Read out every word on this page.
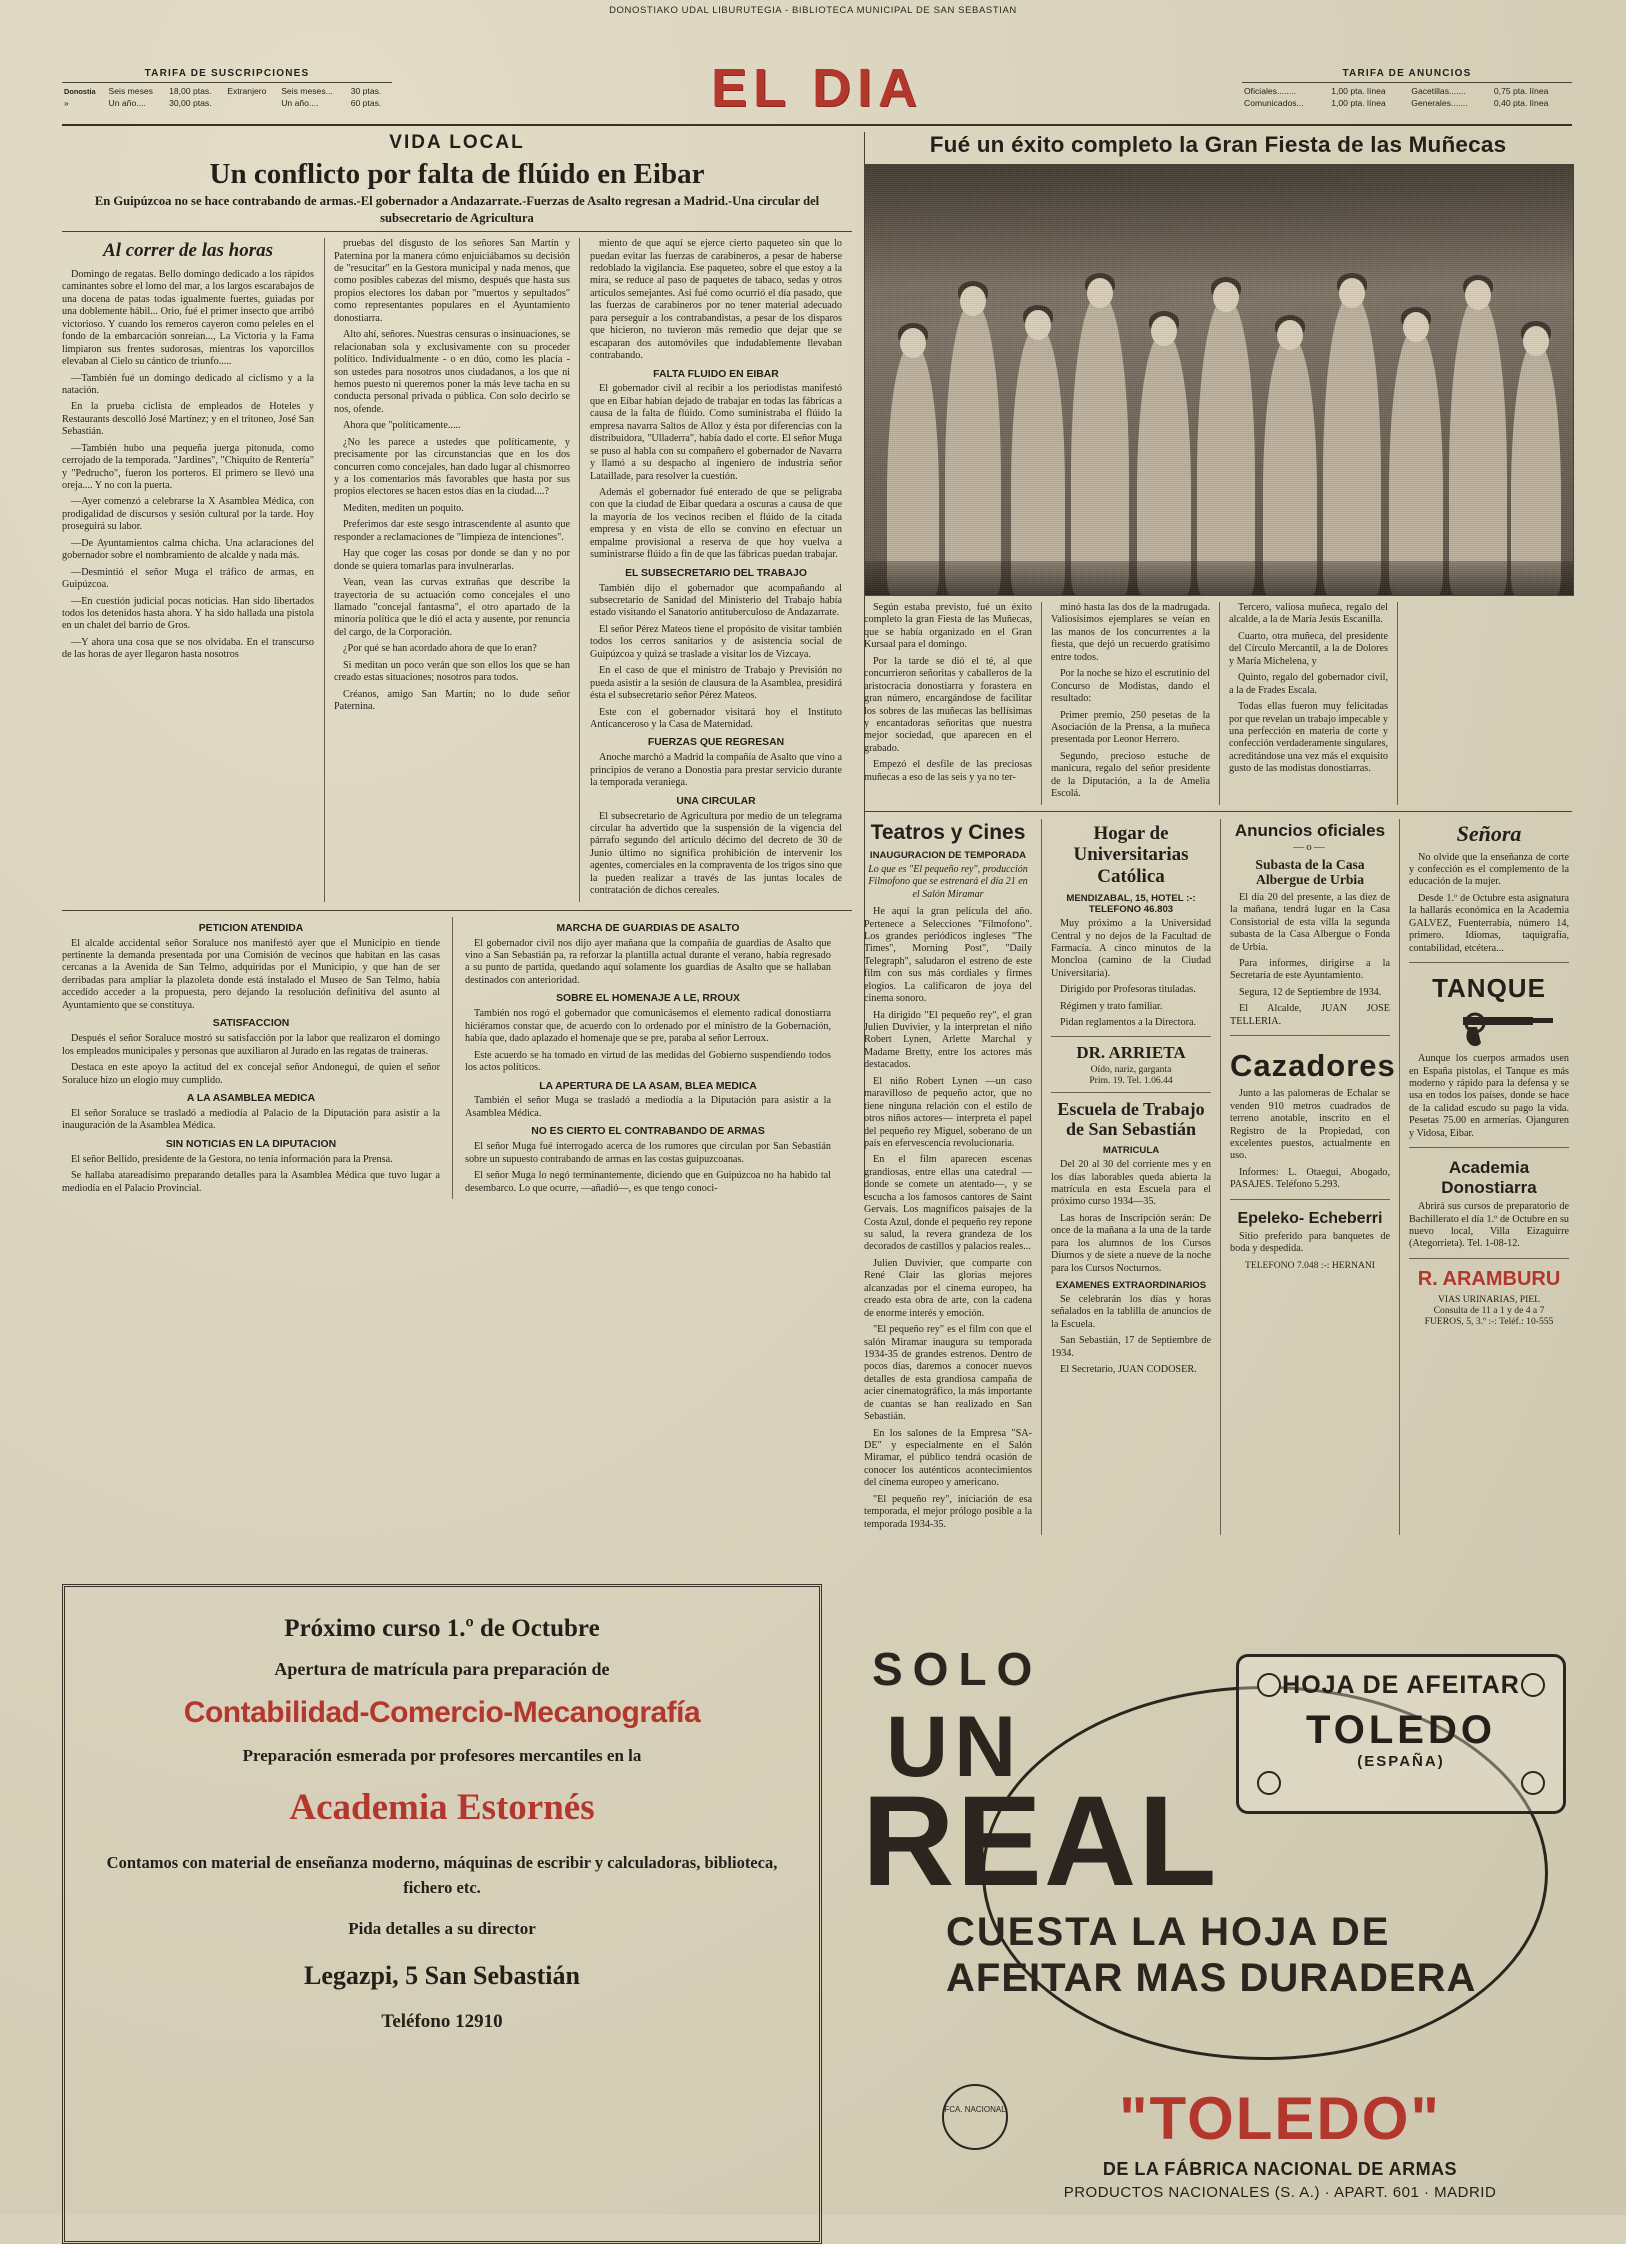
DONOSTIAKO UDAL LIBURUTEGIA - BIBLIOTECA MUNICIPAL DE SAN SEBASTIAN
TARIFA DE SUSCRIPCIONES
Donostia	Seis meses	18,00 ptas.	Extranjero	Seis meses...	30 ptas.
»	Un año....	30,00 ptas.		Un año....	60 ptas.	EL DIA	TARIFA DE ANUNCIOS
Oficiales........	1,00 pta. línea	Gacetillas.......	0,75 pta. línea
Comunicados...	1,00 pta. línea	Generales.......	0,40 pta. línea
VIDA LOCAL
Un conflicto por falta de flúido en Eibar
En Guipúzcoa no se hace contrabando de armas.-El gobernador a Andazarrate.-Fuerzas de Asalto regresan a Madrid.-Una circular del subsecretario de Agricultura
Al correr de las horas

Domingo de regatas. Bello domingo dedicado a los rápidos caminantes sobre el lomo del mar, a los largos escarabajos de una docena de patas todas igualmente fuertes, guiadas por una doblemente hábil... Orio, fué el primer insecto que arribó victorioso. Y cuando los remeros cayeron como peleles en el fondo de la embarcación sonreían..., La Victoria y la Fama limpiaron sus frentes sudorosas, mientras los vaporcillos elevaban al Cielo su cántico de triunfo.....

—También fué un domingo dedicado al ciclismo y a la natación.

En la prueba ciclista de empleados de Hoteles y Restaurants descolló José Martínez; y en el tritoneo, José San Sebastián.

—También hubo una pequeña juerga pitonuda, como cerrojado de la temporada. "Jardines", "Chiquito de Rentería" y "Pedrucho", fueron los porteros. El primero se llevó una oreja.... Y no con la puerta.

—Ayer comenzó a celebrarse la X Asamblea Médica, con prodigalidad de discursos y sesión cultural por la tarde. Hoy proseguirá su labor.

—De Ayuntamientos calma chicha. Una aclaraciones del gobernador sobre el nombramiento de alcalde y nada más.

—Desmintió el señor Muga el tráfico de armas, en Guipúzcoa.

—En cuestión judicial pocas noticias. Han sido libertados todos los detenidos hasta ahora. Y ha sido hallada una pistola en un chalet del barrio de Gros.

—Y ahora una cosa que se nos olvidaba. En el transcurso de las horas de ayer llegaron hasta nosotros

pruebas del disgusto de los señores San Martín y Paternina por la manera cómo enjuiciábamos su decisión de "resucitar" en la Gestora municipal y nada menos, que como posibles cabezas del mismo, después que hasta sus propios electores los daban por "muertos y sepultados" como representantes populares en el Ayuntamiento donostiarra.

Alto ahí, señores. Nuestras censuras o insinuaciones, se relacionaban sola y exclusivamente con su proceder político. Individualmente - o en dúo, como les placía - son ustedes para nosotros unos ciudadanos, a los que ni hemos puesto ni queremos poner la más leve tacha en su conducta personal privada o pública. Con solo decirlo se nos, ofende.

Ahora que "políticamente.....

¿No les parece a ustedes que políticamente, y precisamente por las circunstancias que en los dos concurren como concejales, han dado lugar al chismorreo y a los comentarios más favorables que hasta por sus propios electores se hacen estos días en la ciudad....?

Mediten, mediten un poquito.

Preferimos dar este sesgo intrascendente al asunto que responder a reclamaciones de "limpieza de intenciones".

Hay que coger las cosas por donde se dan y no por donde se quiera tomarlas para invulnerarlas.

Vean, vean las curvas extrañas que describe la trayectoria de su actuación como concejales el uno llamado "concejal fantasma", el otro apartado de la minoría política que le dió el acta y ausente, por renuncia del cargo, de la Corporación.

¿Por qué se han acordado ahora de que lo eran?

Si meditan un poco verán que son ellos los que se han creado estas situaciones; nosotros para todos.

Créanos, amigo San Martín; no lo dude señor Paternina.

miento de que aquí se ejerce cierto paqueteo sin que lo puedan evitar las fuerzas de carabineros, a pesar de haberse redoblado la vigilancia. Ese paqueteo, sobre el que estoy a la mira, se reduce al paso de paquetes de tabaco, sedas y otros artículos semejantes. Así fué como ocurrió el día pasado, que las fuerzas de carabineros por no tener material adecuado para perseguir a los contrabandistas, a pesar de los disparos que hicieron, no tuvieron más remedio que dejar que se escaparan dos automóviles que indudablemente llevaban contrabando.

FALTA FLUIDO EN EIBAR

El gobernador civil al recibir a los periodistas manifestó que en Eibar habían dejado de trabajar en todas las fábricas a causa de la falta de flúido. Como suministraba el flúido la empresa navarra Saltos de Alloz y ésta por diferencias con la distribuidora, "Ulladerra", había dado el corte. El señor Muga se puso al habla con su compañero el gobernador de Navarra y llamó a su despacho al ingeniero de industria señor Lataillade, para resolver la cuestión.

Además el gobernador fué enterado de que se peligraba con que la ciudad de Eibar quedara a oscuras a causa de que la mayoría de los vecinos reciben el flúido de la citada empresa y en vista de ello se convino en efectuar un empalme provisional a reserva de que hoy vuelva a suministrarse flúido a fin de que las fábricas puedan trabajar.

EL SUBSECRETARIO DEL TRABAJO

También dijo el gobernador que acompañando al subsecretario de Sanidad del Ministerio del Trabajo había estado visitando el Sanatorio antituberculoso de Andazarrate.

El señor Pérez Mateos tiene el propósito de visitar también todos los cerros sanitarios y de asistencia social de Guipúzcoa y quizá se traslade a visitar los de Vizcaya.

En el caso de que el ministro de Trabajo y Previsión no pueda asistir a la sesión de clausura de la Asamblea, presidirá ésta el subsecretario señor Pérez Mateos.

Este con el gobernador visitará hoy el Instituto Anticanceroso y la Casa de Maternidad.

FUERZAS QUE REGRESAN

Anoche marchó a Madrid la compañía de Asalto que vino a principios de verano a Donostia para prestar servicio durante la temporada veraniega.

UNA CIRCULAR

El subsecretario de Agricultura por medio de un telegrama circular ha advertido que la suspensión de la vigencia del párrafo segundo del artículo décimo del decreto de 30 de Junio último no significa prohibición de intervenir los agentes, comerciales en la compraventa de los trigos sino que la pueden realizar a través de las juntas locales de contratación de dichos cereales.

PETICION ATENDIDA

El alcalde accidental señor Soraluce nos manifestó ayer que el Municipio en tiende pertinente la demanda presentada por una Comisión de vecinos que habitan en las casas cercanas a la Avenida de San Telmo, adquiridas por el Municipio, y que han de ser derribadas para ampliar la plazoleta donde está instalado el Museo de San Telmo, había accedido acceder a la propuesta, pero dejando la resolución definitiva del asunto al Ayuntamiento que se constituya.

SATISFACCION

Después el señor Soraluce mostró su satisfacción por la labor que realizaron el domingo los empleados municipales y personas que auxiliaron al Jurado en las regatas de traineras.

Destaca en este apoyo la actitud del ex concejal señor Andonegui, de quien el señor Soraluce hizo un elogio muy cumplido.

A LA ASAMBLEA MEDICA

El señor Soraluce se trasladó a mediodía al Palacio de la Diputación para asistir a la inauguración de la Asamblea Médica.

SIN NOTICIAS EN LA DIPUTACION

El señor Bellido, presidente de la Gestora, no tenía información para la Prensa.

Se hallaba atareadísimo preparando detalles para la Asamblea Médica que tuvo lugar a mediodía en el Palacio Provincial.

MARCHA DE GUARDIAS DE ASALTO

El gobernador civil nos dijo ayer mañana que la compañía de guardias de Asalto que vino a San Sebastián pa, ra reforzar la plantilla actual durante el verano, había regresado a su punto de partida, quedando aquí solamente los guardias de Asalto que se hallaban destinados con anterioridad.

SOBRE EL HOMENAJE A LE, RROUX

También nos rogó el gobernador que comunicásemos el elemento radical donostiarra hiciéramos constar que, de acuerdo con lo ordenado por el ministro de la Gobernación, había que, dado aplazado el homenaje que se pre, paraba al señor Lerroux.

Este acuerdo se ha tomado en virtud de las medidas del Gobierno suspendiendo todos los actos políticos.

LA APERTURA DE LA ASAM, BLEA MEDICA

También el señor Muga se trasladó a mediodía a la Diputación para asistir a la Asamblea Médica.

NO ES CIERTO EL CONTRABANDO DE ARMAS

El señor Muga fué interrogado acerca de los rumores que circulan por San Sebastián sobre un supuesto contrabando de armas en las costas guipuzcoanas.

El señor Muga lo negó terminantemente, diciendo que en Guipúzcoa no ha habido tal desembarco. Lo que ocurre, —añadió—, es que tengo conoci-

Fué un éxito completo la Gran Fiesta de las Muñecas

Según estaba previsto, fué un éxito completo la gran Fiesta de las Muñecas, que se había organizado en el Gran Kursaal para el domingo.

Por la tarde se dió el té, al que concurrieron señoritas y caballeros de la aristocracia donostiarra y forastera en gran número, encargándose de facilitar los sobres de las muñecas las bellísimas y encantadoras señoritas que nuestra mejor sociedad, que aparecen en el grabado.

Empezó el desfile de las preciosas muñecas a eso de las seis y ya no ter-

minó hasta las dos de la madrugada. Valiosísimos ejemplares se veían en las manos de los concurrentes a la fiesta, que dejó un recuerdo gratísimo entre todos.

Por la noche se hizo el escrutinio del Concurso de Modistas, dando el resultado:

Primer premio, 250 pesetas de la Asociación de la Prensa, a la muñeca presentada por Leonor Herrero.

Segundo, precioso estuche de manicura, regalo del señor presidente de la Diputación, a la de Amelia Escolá.

Tercero, valiosa muñeca, regalo del alcalde, a la de María Jesús Escanilla.

Cuarto, otra muñeca, del presidente del Círculo Mercantil, a la de Dolores y María Michelena, y

Quinto, regalo del gobernador civil, a la de Frades Escala.

Todas ellas fueron muy felicitadas por que revelan un trabajo impecable y una perfección en materia de corte y confección verdaderamente singulares, acreditándose una vez más el exquisito gusto de las modistas donostiarras.

Teatros y Cines
INAUGURACION DE TEMPORADA
Lo que es "El pequeño rey", producción Filmofono que se estrenará el día 21 en el Salón Miramar

He aquí la gran película del año. Pertenece a Selecciones "Filmofono". Los grandes periódicos ingleses "The Times", Morning Post", "Daily Telegraph", saludaron el estreno de este film con sus más cordiales y firmes elogios. La calificaron de joya del cinema sonoro.

Ha dirigido "El pequeño rey", el gran Julien Duvivier, y la interpretan el niño Robert Lynen, Arlette Marchal y Madame Bretty, entre los actores más destacados.

El niño Robert Lynen —un caso maravilloso de pequeño actor, que no tiene ninguna relación con el estilo de otros niños actores— interpreta el papel del pequeño rey Miguel, soberano de un país en efervescencia revolucionaria.

En el film aparecen escenas grandiosas, entre ellas una catedral —donde se comete un atentado—, y se escucha a los famosos cantores de Saint Gervais. Los magníficos paisajes de la Costa Azul, donde el pequeño rey repone su salud, la revera grandeza de los decorados de castillos y palacios reales...

Julien Duvivier, que comparte con René Clair las glorias mejores alcanzadas por el cinema europeo, ha creado esta obra de arte, con la cadena de enorme interés y emoción.

"El pequeño rey" es el film con que el salón Miramar inaugura su temporada 1934-35 de grandes estrenos. Dentro de pocos días, daremos a conocer nuevos detalles de esta grandiosa campaña de acier cinematográfico, la más importante de cuantas se han realizado en San Sebastián.

En los salones de la Empresa "SA-DE" y especialmente en el Salón Miramar, el público tendrá ocasión de conocer los auténticos acontecimientos del cinema europeo y americano.

"El pequeño rey", iniciación de esa temporada, el mejor prólogo posible a la temporada 1934-35.

Hogar de Universitarias Católica
MENDIZABAL, 15, HOTEL :-: TELEFONO 46.803

Muy próximo a la Universidad Central y no dejos de la Facultad de Farmacía. A cinco minutos de la Moncloa (camino de la Ciudad Universitaria).

Dirigido por Profesoras tituladas.

Régimen y trato familiar.

Pidan reglamentos a la Directora.

DR. ARRIETA
Oído, nariz, garganta
Prim. 19. Tel. 1.06.44
Escuela de Trabajo de San Sebastián
MATRICULA

Del 20 al 30 del corriente mes y en los días laborables queda abierta la matrícula en esta Escuela para el próximo curso 1934—35.

Las horas de Inscripción serán: De once de la mañana a la una de la tarde para los alumnos de los Cursos Diurnos y de siete a nueve de la noche para los Cursos Nocturnos.

EXAMENES EXTRAORDINARIOS

Se celebrarán los días y horas señalados en la tablilla de anuncios de la Escuela.

San Sebastián, 17 de Septiembre de 1934.

El Secretario, JUAN CODOSER.

Anuncios oficiales
—o—
Subasta de la Casa Albergue de Urbia

El día 20 del presente, a las diez de la mañana, tendrá lugar en la Casa Consistorial de esta villa la segunda subasta de la Casa Albergue o Fonda de Urbia.

Para informes, dirigirse a la Secretaría de este Ayuntamiento.

Segura, 12 de Septiembre de 1934.

El Alcalde, JUAN JOSE TELLERIA.

Cazadores

Junto a las palomeras de Echalar se venden 910 metros cuadrados de terreno anotable, inscrito en el Registro de la Propiedad, con excelentes puestos, actualmente en uso.

Informes: L. Otaegui, Abogado, PASAJES. Teléfono 5.293.

Epeleko- Echeberri

Sitio preferido para banquetes de boda y despedida.

TELEFONO 7.048 :-: HERNANI
Señora

No olvide que la enseñanza de corte y confección es el complemento de la educación de la mujer.

Desde 1.º de Octubre esta asignatura la hallarás económica en la Academia GALVEZ, Fuenterrabía, número 14, primero. Idiomas, taquigrafía, contabilidad, etcétera...

TANQUE

Aunque los cuerpos armados usen en España pistolas, el Tanque es más moderno y rápido para la defensa y se usa en todos los países, donde se hace de la calidad escudo su pago la vida. Pesetas 75.00 en armerías. Ojanguren y Vidosa, Eibar.

Academia Donostiarra

Abrirá sus cursos de preparatorio de Bachillerato el día 1.º de Octubre en su nuevo local, Villa Eizaguirre (Ategorrieta). Tel. 1-08-12.

R. ARAMBURU
VIAS URINARIAS, PIEL
Consulta de 11 a 1 y de 4 a 7
FUEROS, 5, 3.º :-: Teléf.: 10-555
Próximo curso 1.º de Octubre
Apertura de matrícula para preparación de
Contabilidad-Comercio-Mecanografía
Preparación esmerada por profesores mercantiles en la
Academia Estornés
Contamos con material de enseñanza moderno, máquinas de escribir y calculadoras, biblioteca, fichero etc.
Pida detalles a su director
Legazpi, 5 San Sebastián
Teléfono 12910
SOLO
UN
REAL
CUESTA LA HOJA DE
AFEITAR MAS DURADERA
HOJA DE AFEITAR
TOLEDO
(ESPAÑA)
FCA. NACIONAL	"TOLEDO"
DE LA FÁBRICA NACIONAL DE ARMAS
PRODUCTOS NACIONALES (S. A.) · APART. 601 · MADRID
